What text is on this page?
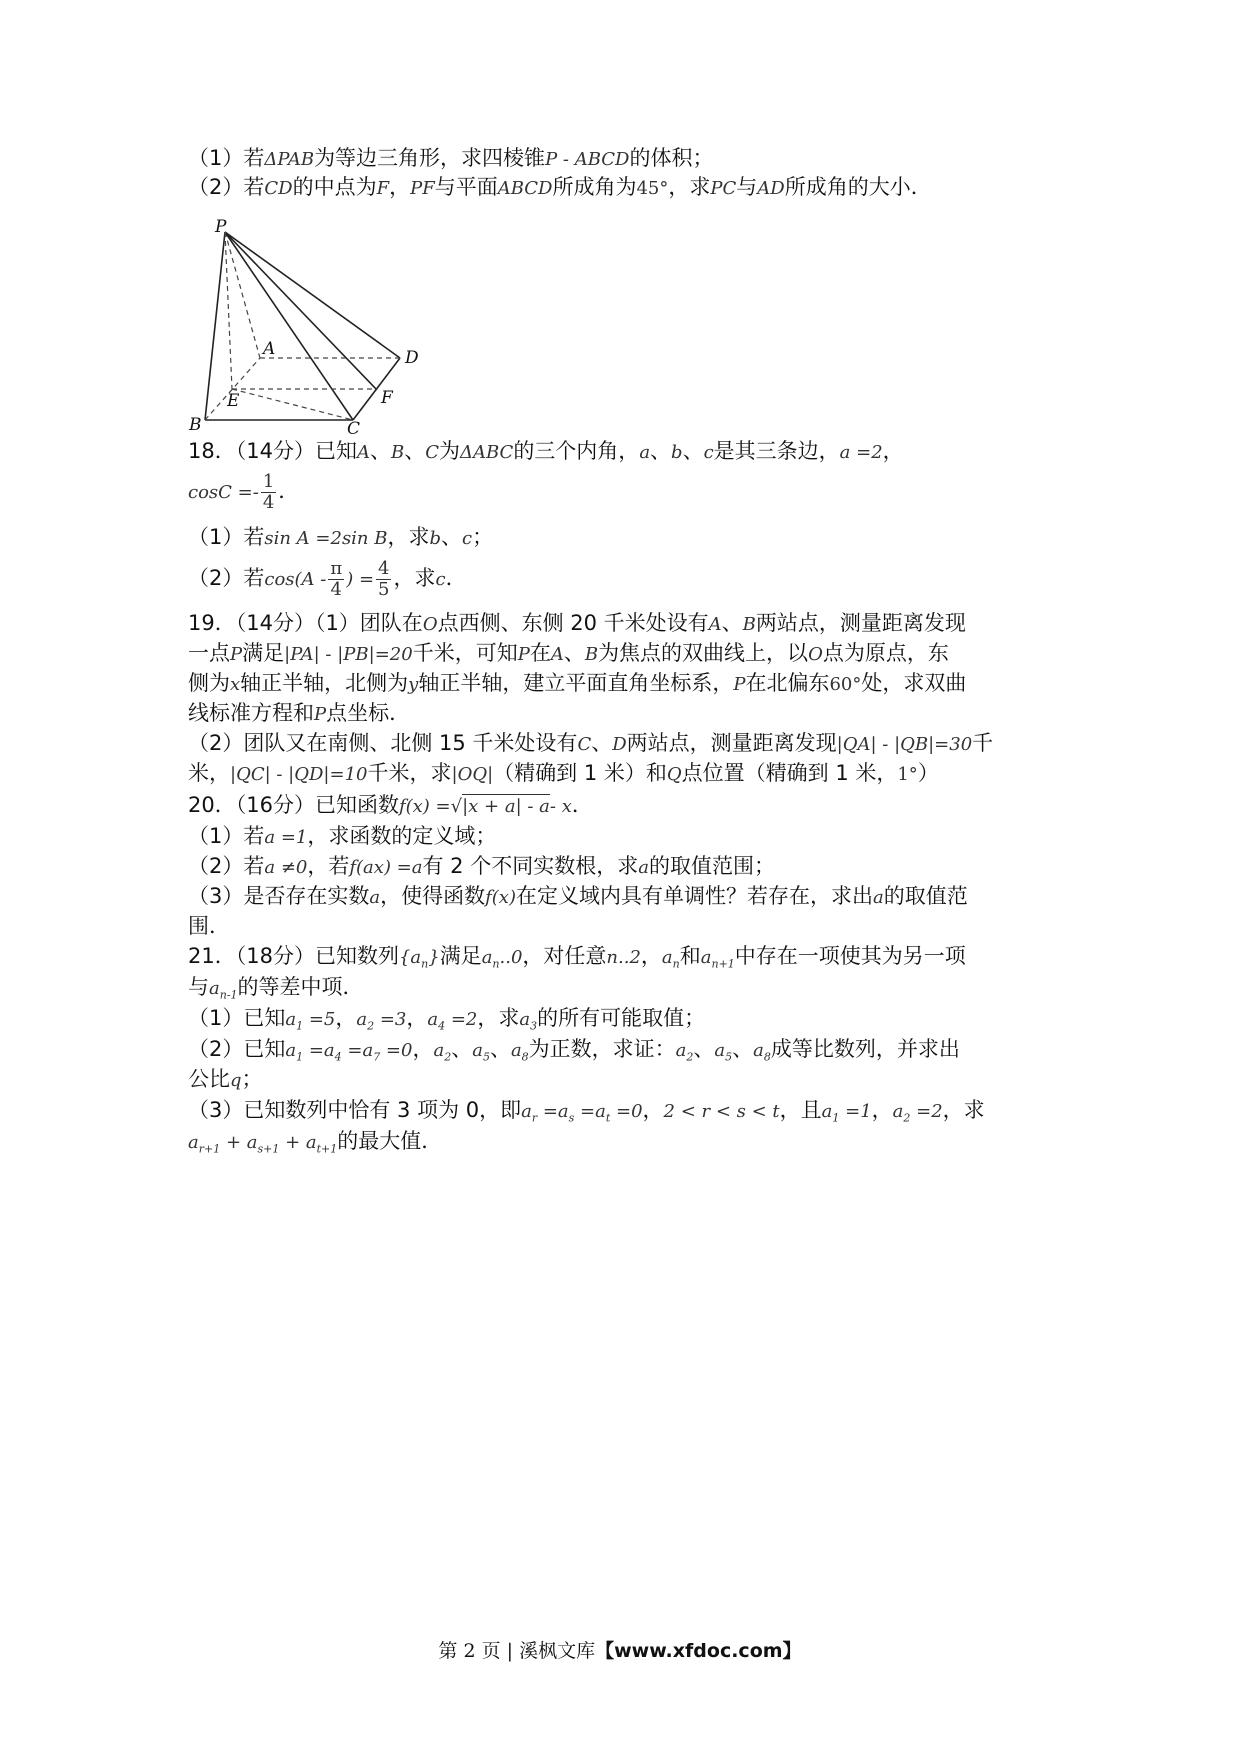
（1）若ΔPAB为等边三角形，求四棱锥P - ABCD的体积；
（2）若CD的中点为F，PF与平面ABCD所成角为45°，求PC与AD所成角的大小．
P
A
B	C
D
E	F
18．（14分）已知A、B、C为ΔABC的三个内角，a、b、c是其三条边，a =2，
$\cos C =- \frac{1}{4}$ ．
（1）若sin A =2sin B，求b、c；
（2）若$\cos(A - \frac{\pi}{4}$ ) = $\frac{4}{5}$ ，求c．
19．（14分）（1）团队在O点西侧、东侧 20 千米处设有A、B两站点，测量距离发现
一点P满足|PA| - |PB|=20千米，可知P在A、B为焦点的双曲线上，以O点为原点，东
侧为x轴正半轴，北侧为y轴正半轴，建立平面直角坐标系，P在北偏东60°处，求双曲
线标准方程和P点坐标．
（2）团队又在南侧、北侧 15 千米处设有C、D两站点，测量距离发现|QA| - |QB|=30千
米，|QC| - |QD|=10千米，求|OQ|（精确到 1 米）和Q点位置（精确到 1 米，1°）
20．（16分）已知函数f(x) =√|x + a| - a- x．
（1）若a =1，求函数的定义域；
（2）若a ≠0，若f(ax) =a有 2 个不同实数根，求a的取值范围；
（3）是否存在实数a，使得函数f(x)在定义域内具有单调性？若存在，求出a的取值范
围．
21．（18分）已知数列$\{a_n\}$满足$a_n..0$，对任意n..2，$a_n$和$a_{n+1}$中存在一项使其为另一项
与$a_{n-1}$的等差中项．
（1）已知$a_1 =5$，$a_2 =3$，$a_4 =2$，求$a_3$的所有可能取值；
（2）已知$a_1 =a_4 =a_7 =0$，$a_2$、$a_5$、$a_8$为正数，求证：$a_2$、$a_5$、$a_8$成等比数列，并求出
公比q；
（3）已知数列中恰有 3 项为 0，即$a_r =a_s =a_t =0$，2 < r < s < t，且$a_1 =1$，$a_2 =2$，求
$a_{r+1} + a_{s+1} + a_{t+1}$的最大值．
第 2 页 | 溪枫文库【www.xfdoc.com】
